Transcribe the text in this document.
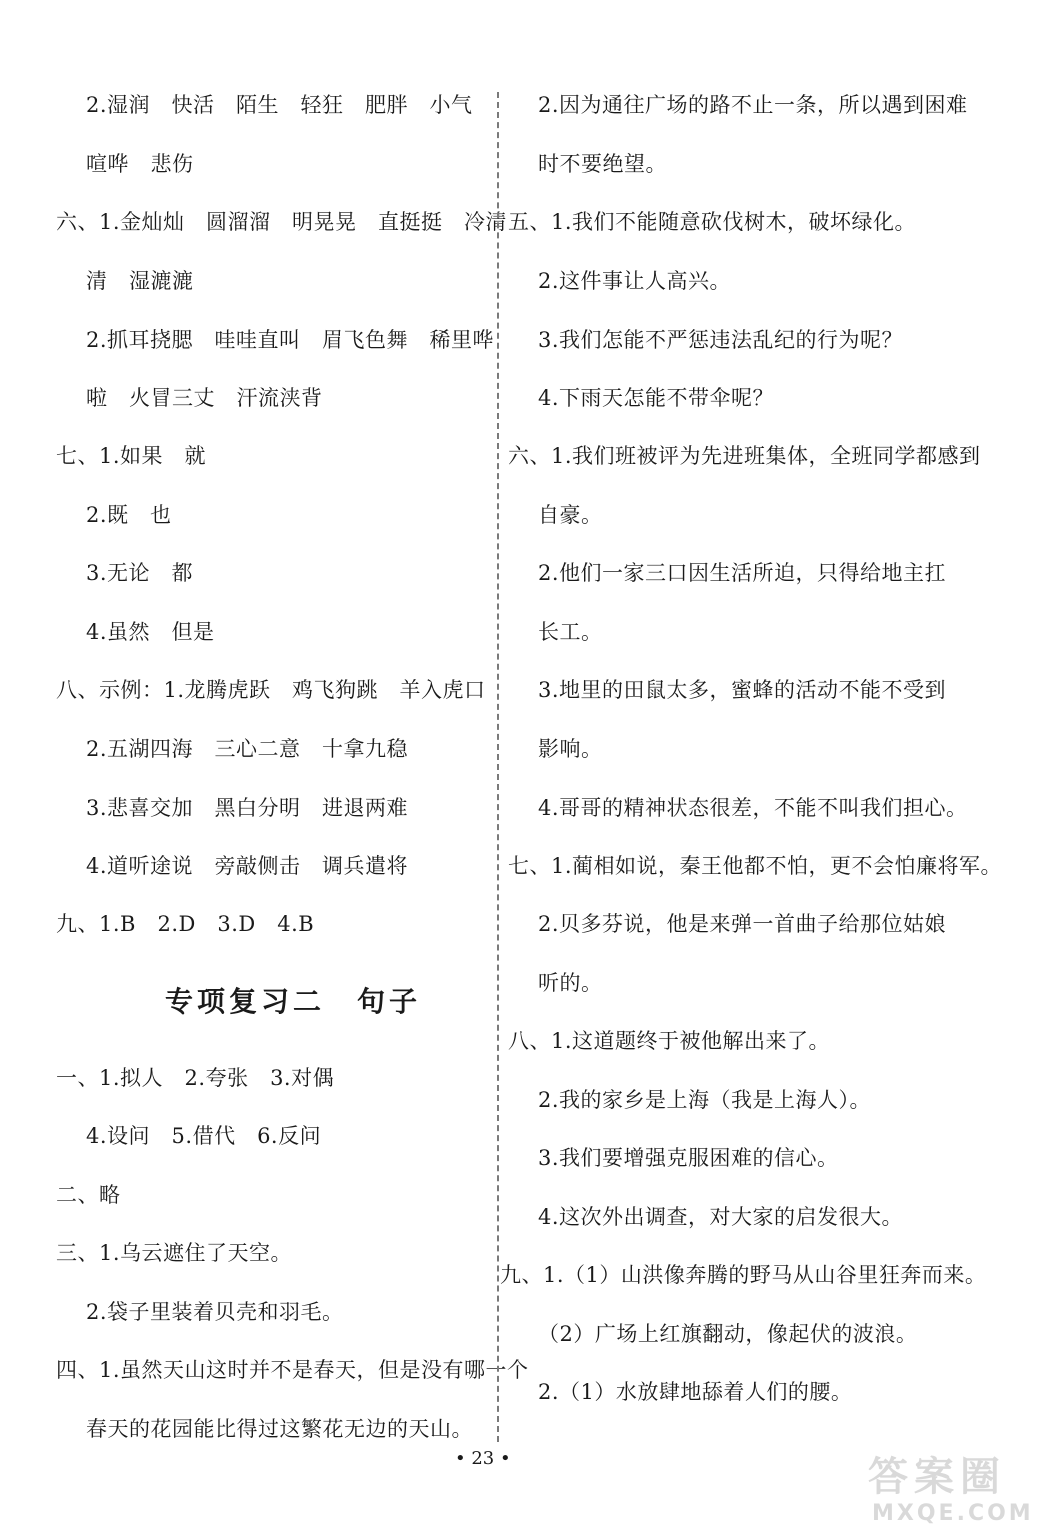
2.湿润　快活　陌生　轻狂　肥胖　小气
喧哗　悲伤
六、1.金灿灿　圆溜溜　明晃晃　直挺挺　冷清
清　湿漉漉
2.抓耳挠腮　哇哇直叫　眉飞色舞　稀里哗
啦　火冒三丈　汗流浃背
七、1.如果　就
2.既　也
3.无论　都
4.虽然　但是
八、示例：1.龙腾虎跃　鸡飞狗跳　羊入虎口
2.五湖四海　三心二意　十拿九稳
3.悲喜交加　黑白分明　进退两难
4.道听途说　旁敲侧击　调兵遣将
九、1.B　2.D　3.D　4.B
专项复习二　句子
一、1.拟人　2.夸张　3.对偶
4.设问　5.借代　6.反问
二、略
三、1.乌云遮住了天空。
2.袋子里装着贝壳和羽毛。
四、1.虽然天山这时并不是春天，但是没有哪一个
春天的花园能比得过这繁花无边的天山。
2.因为通往广场的路不止一条，所以遇到困难
时不要绝望。
五、1.我们不能随意砍伐树木，破坏绿化。
2.这件事让人高兴。
3.我们怎能不严惩违法乱纪的行为呢？
4.下雨天怎能不带伞呢？
六、1.我们班被评为先进班集体，全班同学都感到
自豪。
2.他们一家三口因生活所迫，只得给地主扛
长工。
3.地里的田鼠太多，蜜蜂的活动不能不受到
影响。
4.哥哥的精神状态很差，不能不叫我们担心。
七、1.蔺相如说，秦王他都不怕，更不会怕廉将军。
2.贝多芬说，他是来弹一首曲子给那位姑娘
听的。
八、1.这道题终于被他解出来了。
2.我的家乡是上海（我是上海人）。
3.我们要增强克服困难的信心。
4.这次外出调查，对大家的启发很大。
九、1.（1）山洪像奔腾的野马从山谷里狂奔而来。
（2）广场上红旗翻动，像起伏的波浪。
2.（1）水放肆地舔着人们的腰。
• 23 •	答案圈
MXQE.COM
